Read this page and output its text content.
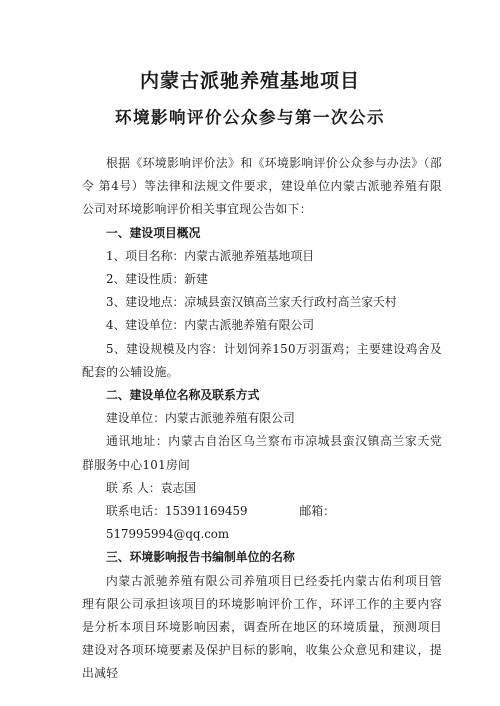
内蒙古派驰养殖基地项目
环境影响评价公众参与第一次公示

根据《环境影响评价法》和《环境影响评价公众参与办法》（部令 第4号）等法律和法规文件要求，建设单位内蒙古派驰养殖有限公司对环境影响评价相关事宜现公告如下：

一、建设项目概况
1、项目名称：内蒙古派驰养殖基地项目
2、建设性质：新建
3、建设地点：凉城县蛮汉镇高兰家夭行政村高兰家夭村
4、建设单位：内蒙古派驰养殖有限公司

5、建设规模及内容：计划饲养150万羽蛋鸡；主要建设鸡舍及配套的公辅设施。

二、建设单位名称及联系方式
建设单位：内蒙古派驰养殖有限公司

通讯地址：内蒙古自治区乌兰察布市凉城县蛮汉镇高兰家夭党群服务中心101房间

联 系 人：袁志国
联系电话：15391169459	邮箱：517995994@qq.com
三、环境影响报告书编制单位的名称

内蒙古派驰养殖有限公司养殖项目已经委托内蒙古佑利项目管理有限公司承担该项目的环境影响评价工作，环评工作的主要内容是分析本项目环境影响因素，调查所在地区的环境质量，预测项目建设对各项环境要素及保护目标的影响，收集公众意见和建议，提出减轻
